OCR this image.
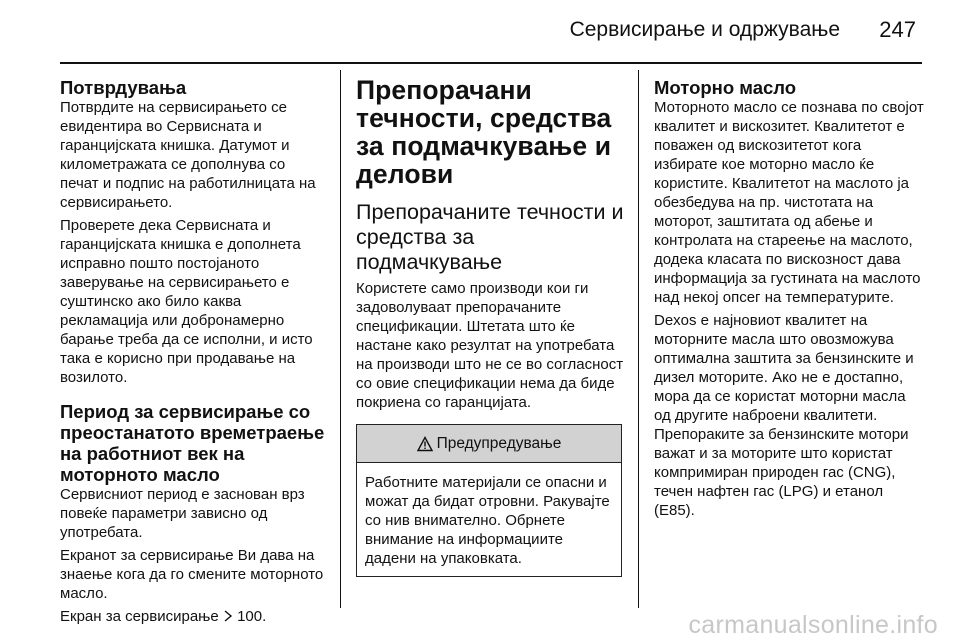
Сервисирање и одржување 247
Потврдувања

Потврдите на сервисирањето се евидентира во Сервисната и гаранцијската книшка. Датумот и километражата се дополнува со печат и подпис на работилницата на сервисирањето.

Проверете дека Сервисната и гаранцијската книшка е дополнета исправно пошто постојаното заверување на сервисирањето е суштинско ако било каква рекламација или добронамерно барање треба да се исполни, и исто така е корисно при продавање на возилото.

Период за сервисирање со преостанатото времетраење на работниот век на моторното масло

Сервисниот период е заснован врз повеќе параметри зависно од употребата.

Екранот за сервисирање Ви дава на знаење кога да го смените моторното масло.

Екран за сервисирање 100.

Препорачани течности, средства за подмачкување и делови
Препорачаните течности и средства за подмачкување

Користете само производи кои ги задоволуваат препорачаните спецификации. Штетата што ќе настане како резултат на употребата на производи што не се во согласност со овие спецификации нема да биде покриена со гаранцијата.

Предупредување

Работните материјали се опасни и можат да бидат отровни. Ракувајте со нив внимателно. Обрнете внимание на информациите дадени на упаковката.

Моторно масло

Моторното масло се познава по својот квалитет и вискозитет. Квалитетот е поважен од вискозитетот кога избирате кое моторно масло ќе користите. Квалитетот на маслото ја обезбедува на пр. чистотата на моторот, заштитата од абење и контролата на стареење на маслото, додека класата по вискозност дава информација за густината на маслото над некој опсег на температурите.

Dexos е најновиот квалитет на моторните масла што овозможува оптимална заштита за бензинските и дизел моторите. Ако не е достапно, мора да се користат моторни масла од другите наброени квалитети. Препораките за бензинските мотори важат и за моторите што користат компримиран природен гас (CNG), течен нафтен гас (LPG) и етанол (E85).

carmanualsonline.info
